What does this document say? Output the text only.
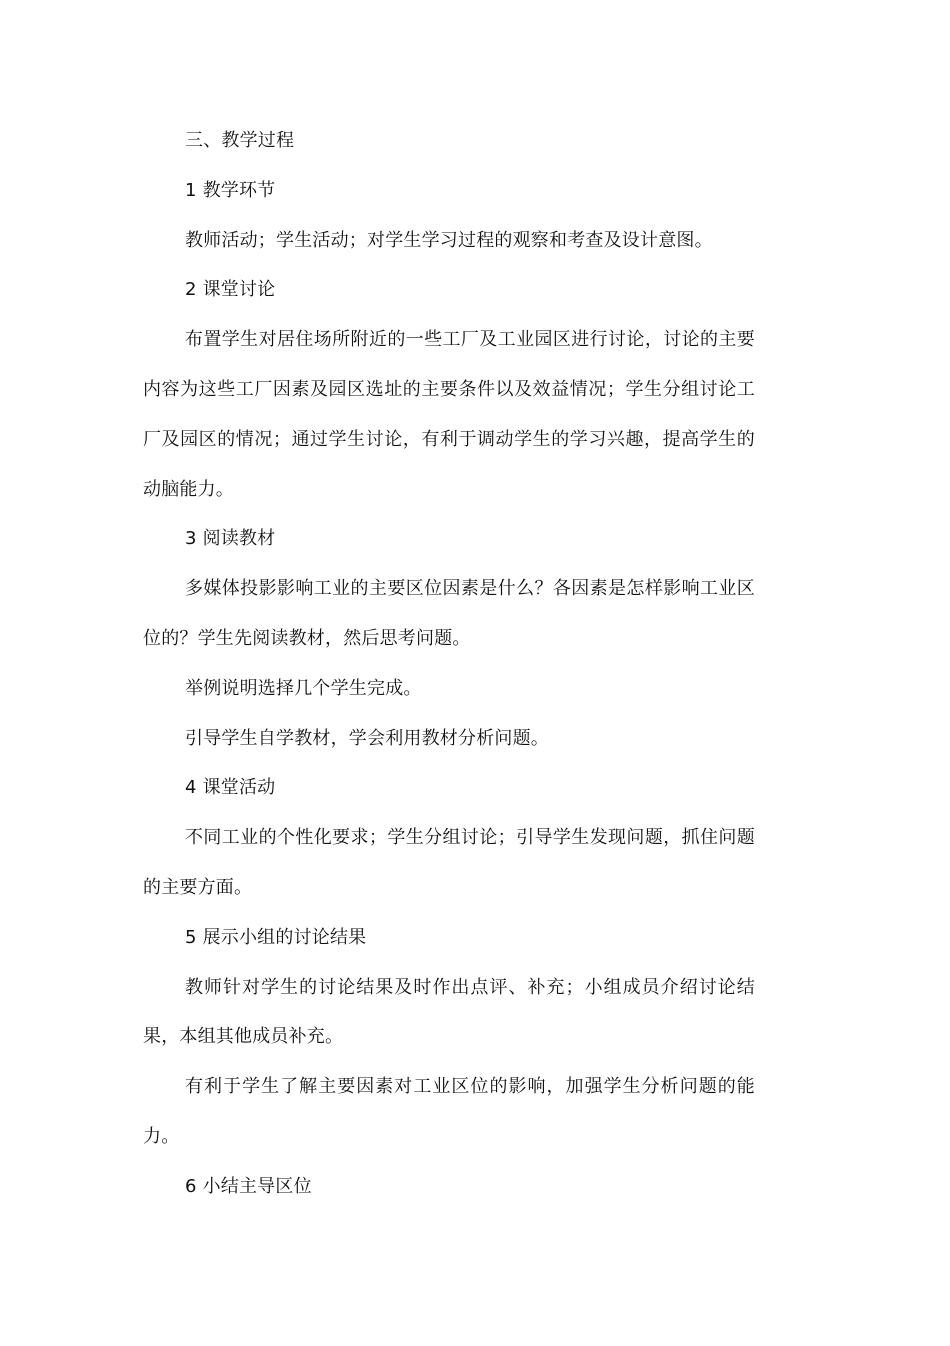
三、教学过程

1 教学环节

教师活动；学生活动；对学生学习过程的观察和考查及设计意图。

2 课堂讨论

布置学生对居住场所附近的一些工厂及工业园区进行讨论，讨论的主要内容为这些工厂因素及园区选址的主要条件以及效益情况；学生分组讨论工厂及园区的情况；通过学生讨论，有利于调动学生的学习兴趣，提高学生的动脑能力。

3 阅读教材

多媒体投影影响工业的主要区位因素是什么？各因素是怎样影响工业区位的？学生先阅读教材，然后思考问题。

举例说明选择几个学生完成。

引导学生自学教材，学会利用教材分析问题。

4 课堂活动

不同工业的个性化要求；学生分组讨论；引导学生发现问题，抓住问题的主要方面。

5 展示小组的讨论结果

教师针对学生的讨论结果及时作出点评、补充；小组成员介绍讨论结果，本组其他成员补充。

有利于学生了解主要因素对工业区位的影响，加强学生分析问题的能力。

6 小结主导区位
